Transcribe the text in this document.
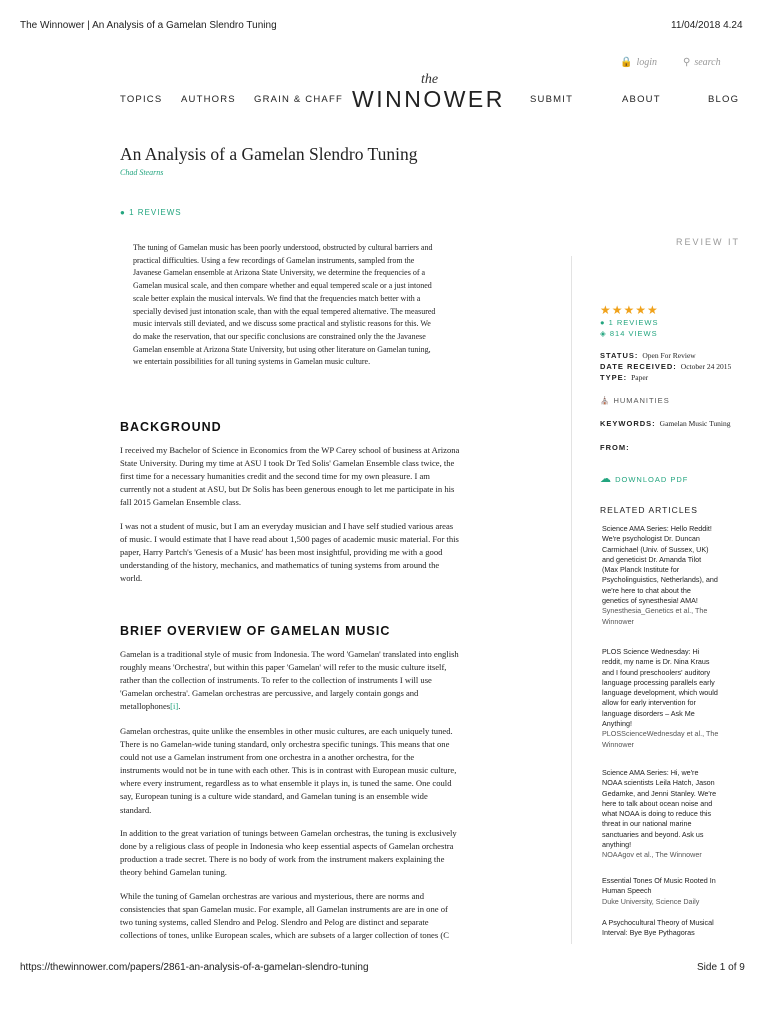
The Winnower | An Analysis of a Gamelan Slendro Tuning	11/04/2018 4.24
🔒 login	⚲ search
TOPICS AUTHORS GRAIN & CHAFF
the
WINNOWER	SUBMIT	ABOUT	BLOG
An Analysis of a Gamelan Slendro Tuning
Chad Stearns
● 1 REVIEWS
The tuning of Gamelan music has been poorly understood, obstructed by cultural barriers and
practical difficulties. Using a few recordings of Gamelan instruments, sampled from the
Javanese Gamelan ensemble at Arizona State University, we determine the frequencies of a
Gamelan musical scale, and then compare whether and equal tempered scale or a just intoned
scale better explain the musical intervals. We find that the frequencies match better with a
specially devised just intonation scale, than with the equal tempered alternative. The measured
music intervals still deviated, and we discuss some practical and stylistic reasons for this. We
do make the reservation, that our specific conclusions are constrained only the the Javanese
Gamelan ensemble at Arizona State University, but using other literature on Gamelan tuning,
we entertain possibilities for all tuning systems in Gamelan music culture.
REVIEW IT
BACKGROUND
I received my Bachelor of Science in Economics from the WP Carey school of business at Arizona
State University. During my time at ASU I took Dr Ted Solis' Gamelan Ensemble class twice, the
first time for a necessary humanities credit and the second time for my own pleasure. I am
currently not a student at ASU, but Dr Solis has been generous enough to let me participate in his
fall 2015 Gamelan Ensemble class.
I was not a student of music, but I am an everyday musician and I have self studied various areas
of music. I would estimate that I have read about 1,500 pages of academic music material. For this
paper, Harry Partch's 'Genesis of a Music' has been most insightful, providing me with a good
understanding of the history, mechanics, and mathematics of tuning systems from around the
world.
BRIEF OVERVIEW OF GAMELAN MUSIC
Gamelan is a traditional style of music from Indonesia. The word 'Gamelan' translated into english
roughly means 'Orchestra', but within this paper 'Gamelan' will refer to the music culture itself,
rather than the collection of instruments. To refer to the collection of instruments I will use
'Gamelan orchestra'. Gamelan orchestras are percussive, and largely contain gongs and
metallophones[i].
Gamelan orchestras, quite unlike the ensembles in other music cultures, are each uniquely tuned.
There is no Gamelan-wide tuning standard, only orchestra specific tunings. This means that one
could not use a Gamelan instrument from one orchestra in a another orchestra, for the
instruments would not be in tune with each other. This is in contrast with European music culture,
where every instrument, regardless as to what ensemble it plays in, is tuned the same. One could
say, European tuning is a culture wide standard, and Gamelan tuning is an ensemble wide
standard.
In addition to the great variation of tunings between Gamelan orchestras, the tuning is exclusively
done by a religious class of people in Indonesia who keep essential aspects of Gamelan orchestra
production a trade secret. There is no body of work from the instrument makers explaining the
theory behind Gamelan tuning.
While the tuning of Gamelan orchestras are various and mysterious, there are norms and
consistencies that span Gamelan music. For example, all Gamelan instruments are are in one of
two tuning systems, called Slendro and Pelog. Slendro and Pelog are distinct and separate
collections of tones, unlike European scales, which are subsets of a larger collection of tones (C
★★★★★
● 1 REVIEWS
◈ 814 VIEWS
STATUS: Open For Review
DATE RECEIVED: October 24 2015
TYPE: Paper
⛪ HUMANITIES
KEYWORDS: Gamelan Music Tuning
FROM:
☁ DOWNLOAD PDF
RELATED ARTICLES
Science AMA Series: Hello Reddit!
We're psychologist Dr. Duncan
Carmichael (Univ. of Sussex, UK)
and geneticist Dr. Amanda Tilot
(Max Planck Institute for
Psycholinguistics, Netherlands), and
we're here to chat about the
genetics of synesthesia! AMA!
Synesthesia_Genetics et al., The
Winnower
PLOS Science Wednesday: Hi
reddit, my name is Dr. Nina Kraus
and I found preschoolers' auditory
language processing parallels early
language development, which would
allow for early intervention for
language disorders – Ask Me
Anything!
PLOSScienceWednesday et al., The
Winnower
Science AMA Series: Hi, we're
NOAA scientists Leila Hatch, Jason
Gedamke, and Jenni Stanley. We're
here to talk about ocean noise and
what NOAA is doing to reduce this
threat in our national marine
sanctuaries and beyond. Ask us
anything!
NOAAgov et al., The Winnower
Essential Tones Of Music Rooted In
Human Speech
Duke University, Science Daily
A Psychocultural Theory of Musical
Interval: Bye Bye Pythagoras
https://thewinnower.com/papers/2861-an-analysis-of-a-gamelan-slendro-tuning	Side 1 of 9
